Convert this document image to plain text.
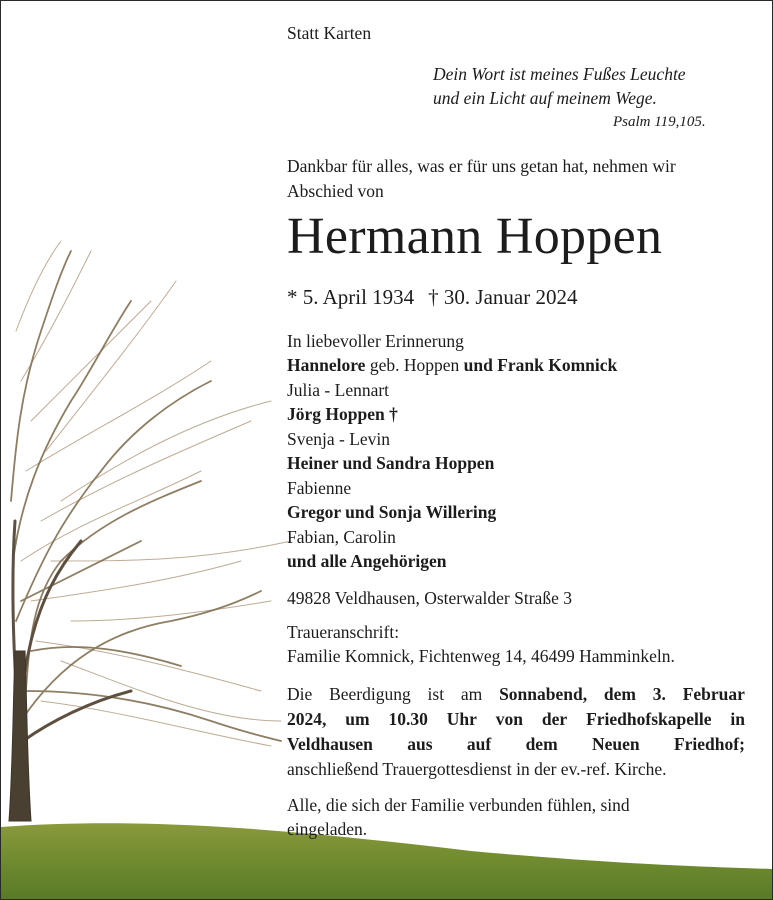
Statt Karten
Dein Wort ist meines Fußes Leuchte
und ein Licht auf meinem Wege.
Psalm 119,105.
Dankbar für alles, was er für uns getan hat, nehmen wir
Abschied von
Hermann Hoppen
* 5. April 1934 † 30. Januar 2024
In liebevoller Erinnerung
Hannelore geb. Hoppen und Frank Komnick
Julia - Lennart
Jörg Hoppen †
Svenja - Levin
Heiner und Sandra Hoppen
Fabienne
Gregor und Sonja Willering
Fabian, Carolin
und alle Angehörigen
49828 Veldhausen, Osterwalder Straße 3
Traueranschrift:
Familie Komnick, Fichtenweg 14, 46499 Hamminkeln.
Die Beerdigung ist am Sonnabend, dem 3. Februar
2024, um 10.30 Uhr von der Friedhofskapelle in
Veldhausen aus auf dem Neuen Friedhof;
anschließend Trauergottesdienst in der ev.-ref. Kirche.
Alle, die sich der Familie verbunden fühlen, sind
eingeladen.
